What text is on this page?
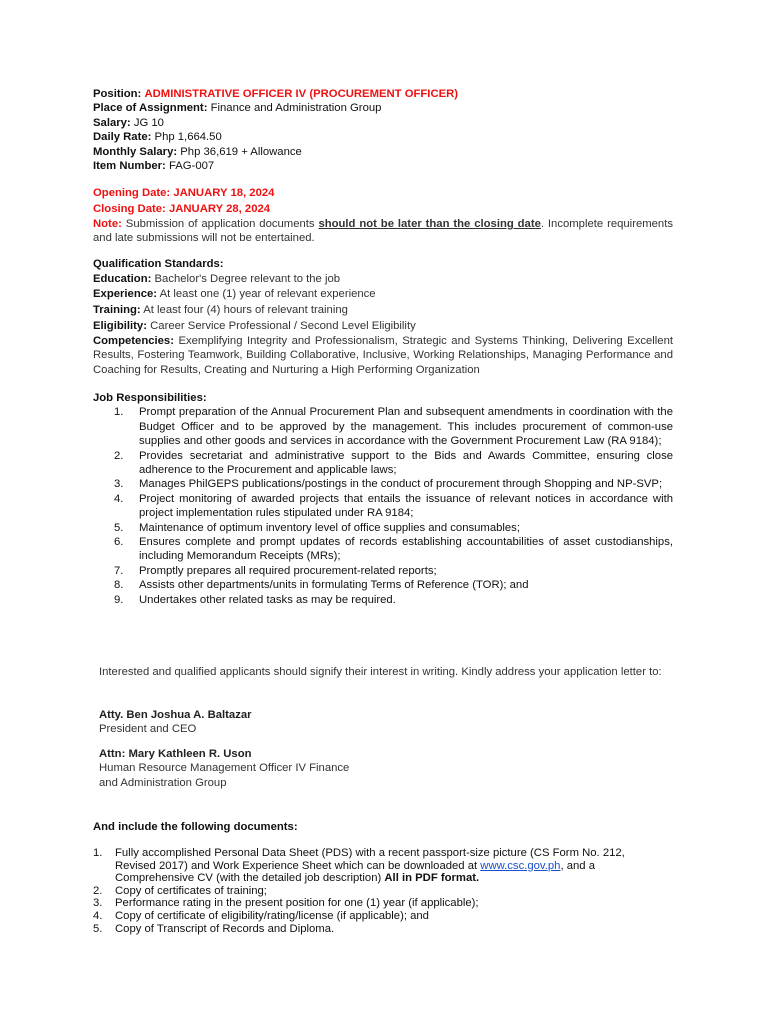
Position: ADMINISTRATIVE OFFICER IV (PROCUREMENT OFFICER)
Place of Assignment: Finance and Administration Group
Salary: JG 10
Daily Rate: Php 1,664.50
Monthly Salary: Php 36,619 + Allowance
Item Number: FAG-007
Opening Date: JANUARY 18, 2024
Closing Date: JANUARY 28, 2024
Note: Submission of application documents should not be later than the closing date. Incomplete requirements and late submissions will not be entertained.
Qualification Standards:
Education: Bachelor's Degree relevant to the job
Experience: At least one (1) year of relevant experience
Training: At least four (4) hours of relevant training
Eligibility: Career Service Professional / Second Level Eligibility
Competencies: Exemplifying Integrity and Professionalism, Strategic and Systems Thinking, Delivering Excellent Results, Fostering Teamwork, Building Collaborative, Inclusive, Working Relationships, Managing Performance and Coaching for Results, Creating and Nurturing a High Performing Organization
Job Responsibilities:
1. Prompt preparation of the Annual Procurement Plan and subsequent amendments in coordination with the Budget Officer and to be approved by the management. This includes procurement of common-use supplies and other goods and services in accordance with the Government Procurement Law (RA 9184);
2. Provides secretariat and administrative support to the Bids and Awards Committee, ensuring close adherence to the Procurement and applicable laws;
3. Manages PhilGEPS publications/postings in the conduct of procurement through Shopping and NP-SVP;
4. Project monitoring of awarded projects that entails the issuance of relevant notices in accordance with project implementation rules stipulated under RA 9184;
5. Maintenance of optimum inventory level of office supplies and consumables;
6. Ensures complete and prompt updates of records establishing accountabilities of asset custodianships, including Memorandum Receipts (MRs);
7. Promptly prepares all required procurement-related reports;
8. Assists other departments/units in formulating Terms of Reference (TOR); and
9. Undertakes other related tasks as may be required.
Interested and qualified applicants should signify their interest in writing. Kindly address your application letter to:
Atty. Ben Joshua A. Baltazar
President and CEO
Attn: Mary Kathleen R. Uson
Human Resource Management Officer IV Finance
and Administration Group
And include the following documents:
1. Fully accomplished Personal Data Sheet (PDS) with a recent passport-size picture (CS Form No. 212, Revised 2017) and Work Experience Sheet which can be downloaded at www.csc.gov.ph, and a Comprehensive CV (with the detailed job description) All in PDF format.
2. Copy of certificates of training;
3. Performance rating in the present position for one (1) year (if applicable);
4. Copy of certificate of eligibility/rating/license (if applicable); and
5. Copy of Transcript of Records and Diploma.
